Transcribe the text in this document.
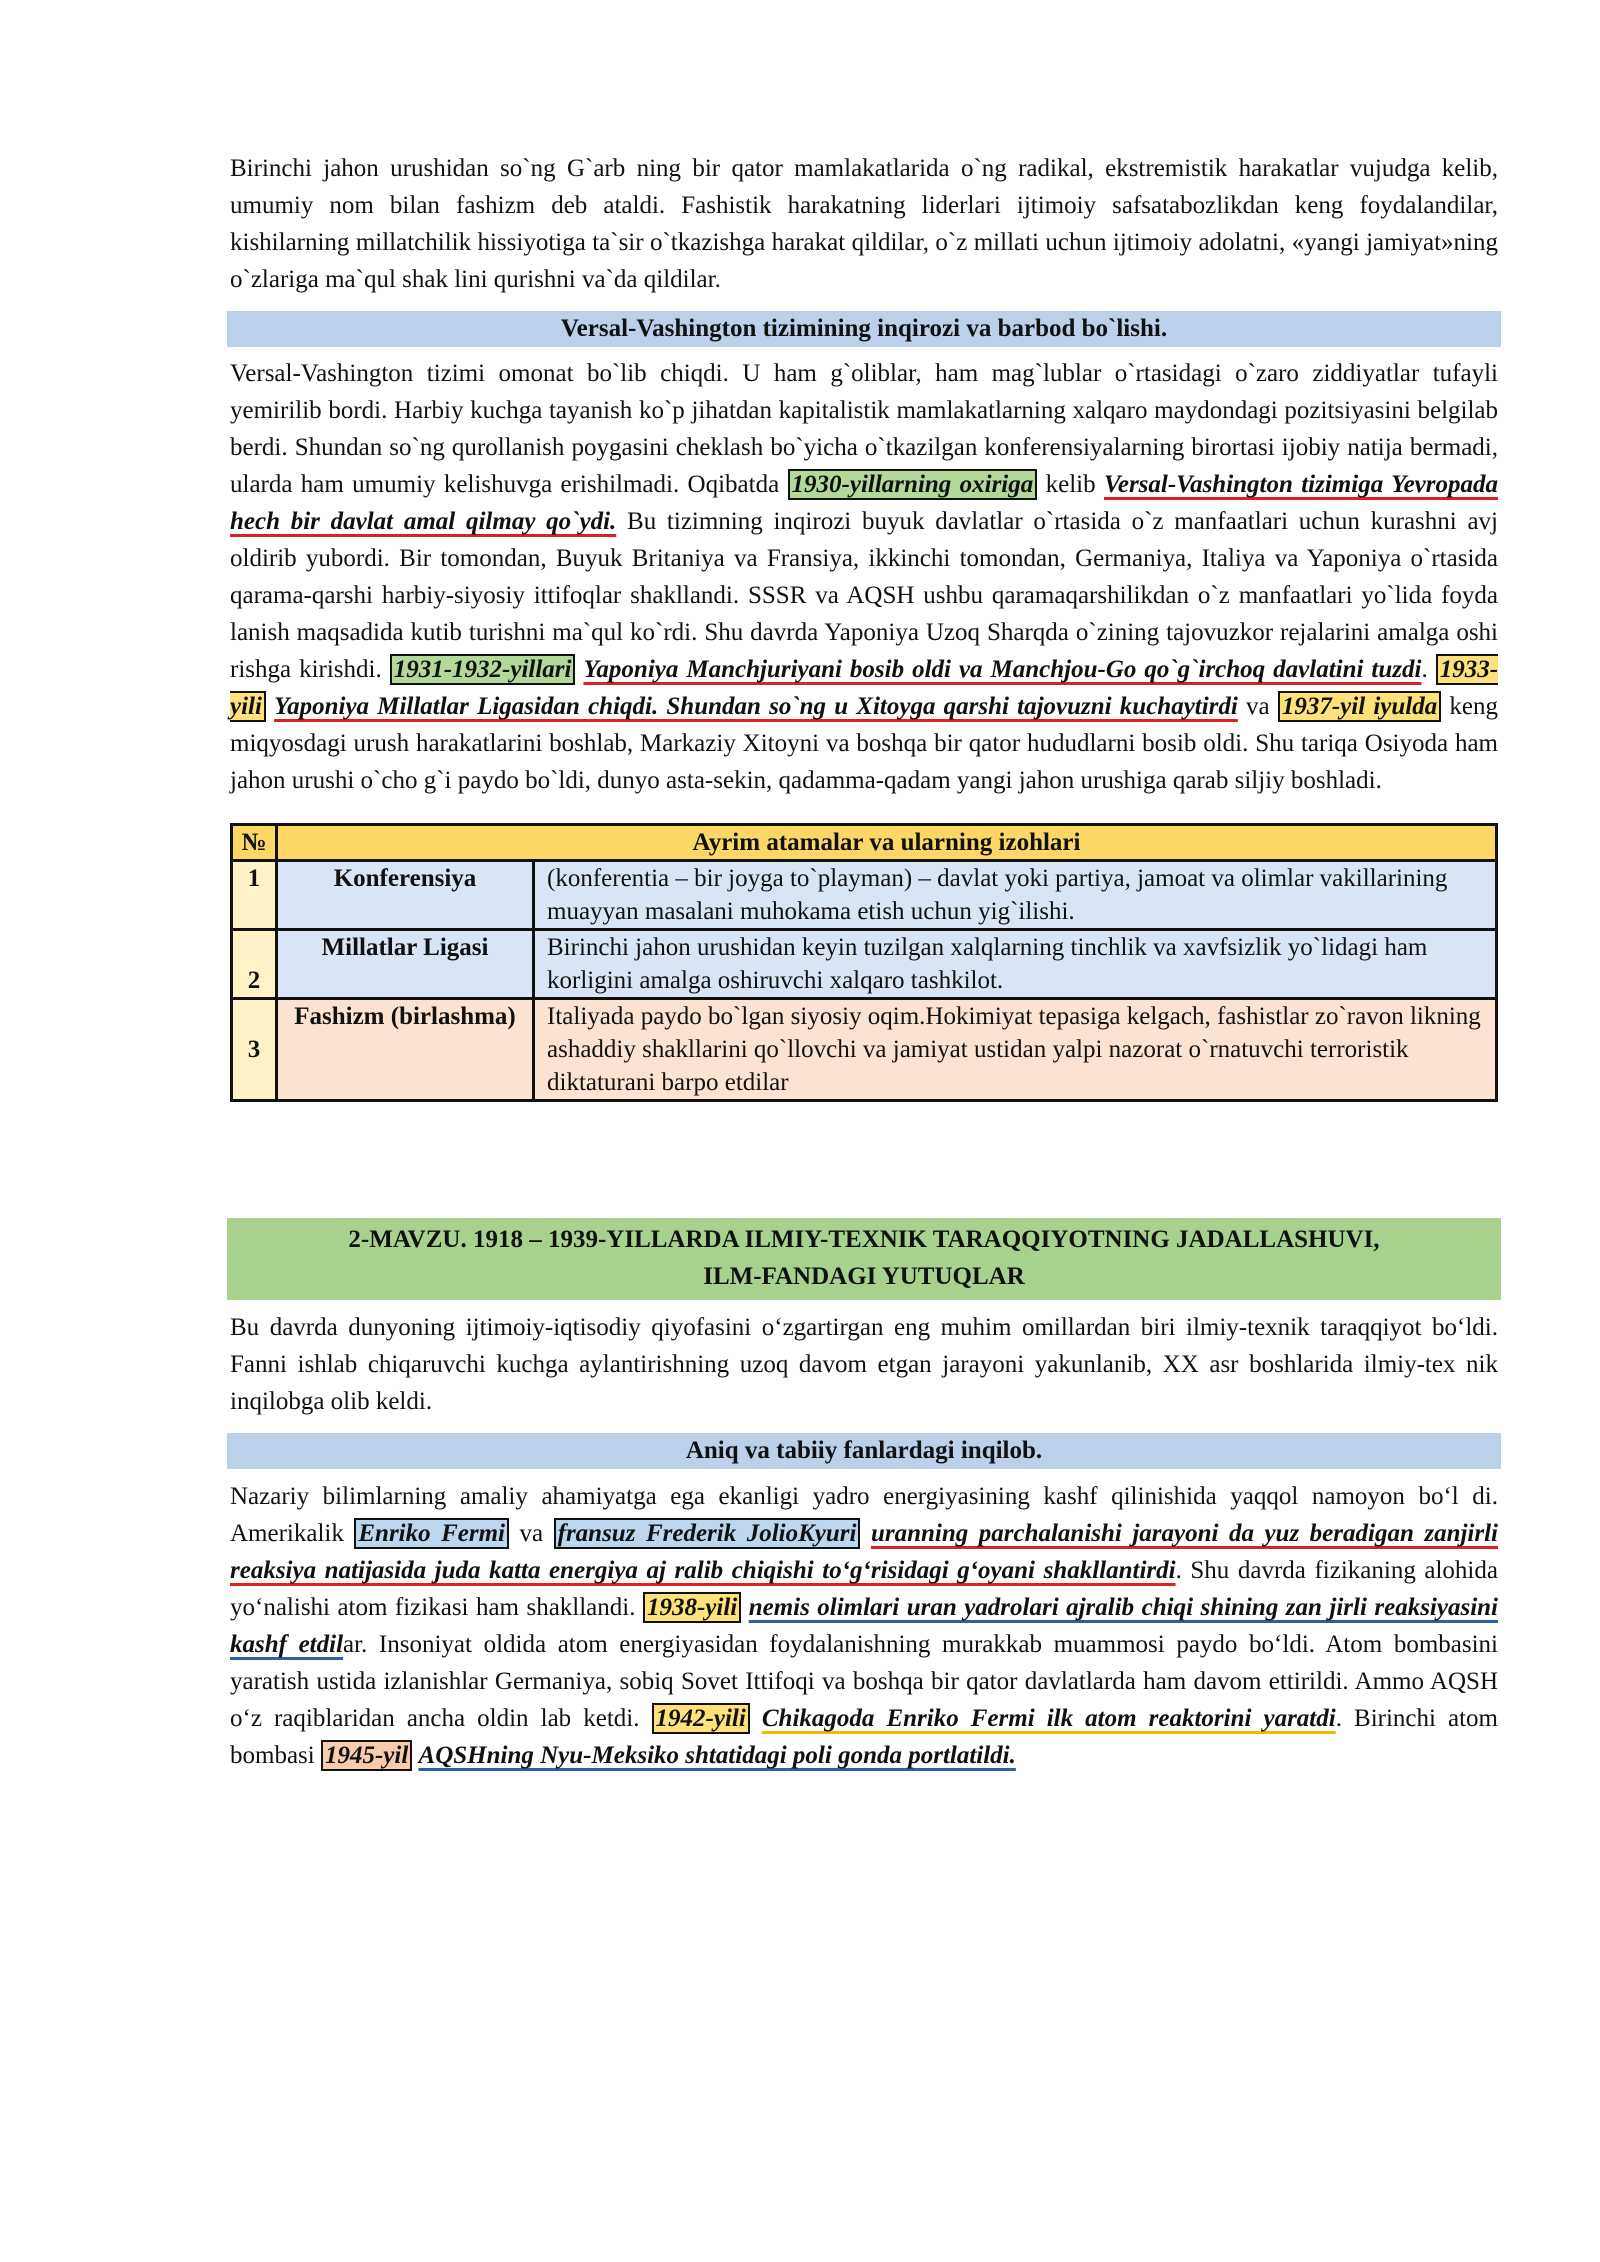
Birinchi jahon urushidan so`ng G`arb ning bir qator mamlakatlarida o`ng radikal, ekstremistik harakatlar vujudga kelib, umumiy nom bilan fashizm deb ataldi. Fashistik harakatning liderlari ijtimoiy safsatabozlikdan keng foydalandilar, kishilarning millatchilik hissiyotiga ta`sir o`tkazishga harakat qildilar, o`z millati uchun ijtimoiy adolatni, «yangi jamiyat»ning o`zlariga ma`qul shak lini qurishni va`da qildilar.

Versal-Vashington tizimining inqirozi va barbod bo`lishi.

Versal-Vashington tizimi omonat bo`lib chiqdi. U ham g`oliblar, ham mag`lublar o`rtasidagi o`zaro ziddiyatlar tufayli yemirilib bordi. Harbiy kuchga tayanish ko`p jihatdan kapitalistik mamlakatlarning xalqaro maydondagi pozitsiyasini belgilab berdi. Shundan so`ng qurollanish poygasini cheklash bo`yicha o`tkazilgan konferensiyalarning birortasi ijobiy natija bermadi, ularda ham umumiy kelishuvga erishilmadi. Oqibatda 1930-yillarning oxiriga kelib Versal-Vashington tizimiga Yevropada hech bir davlat amal qilmay qo`ydi. Bu tizimning inqirozi buyuk davlatlar o`rtasida o`z manfaatlari uchun kurashni avj oldirib yubordi. Bir tomondan, Buyuk Britaniya va Fransiya, ikkinchi tomondan, Germaniya, Italiya va Yaponiya o`rtasida qarama-qarshi harbiy-siyosiy ittifoqlar shakllandi. SSSR va AQSH ushbu qaramaqarshilikdan o`z manfaatlari yo`lida foyda lanish maqsadida kutib turishni ma`qul ko`rdi. Shu davrda Yaponiya Uzoq Sharqda o`zining tajovuzkor rejalarini amalga oshi rishga kirishdi. 1931-1932-yillari Yaponiya Manchjuriyani bosib oldi va Manchjou-Go qo`g`irchoq davlatini tuzdi. 1933-yili Yaponiya Millatlar Ligasidan chiqdi. Shundan so`ng u Xitoyga qarshi tajovuzni kuchaytirdi va 1937-yil iyulda keng miqyosdagi urush harakatlarini boshlab, Markaziy Xitoyni va boshqa bir qator hududlarni bosib oldi. Shu tariqa Osiyoda ham jahon urushi o`cho g`i paydo bo`ldi, dunyo asta-sekin, qadamma-qadam yangi jahon urushiga qarab siljiy boshladi.

№	Ayrim atamalar va ularning izohlari	
1	Konferensiya	(konferentia – bir joyga to`playman) – davlat yoki partiya, jamoat va olimlar vakillarining muayyan masalani muhokama etish uchun yig`ilishi.
2	Millatlar Ligasi	Birinchi jahon urushidan keyin tuzilgan xalqlarning tinchlik va xavfsizlik yo`lidagi ham korligini amalga oshiruvchi xalqaro tashkilot.
3	Fashizm (birlashma)	Italiyada paydo bo`lgan siyosiy oqim.Hokimiyat tepasiga kelgach, fashistlar zo`ravon likning ashaddiy shakllarini qo`llovchi va jamiyat ustidan yalpi nazorat o`rnatuvchi terroristik diktaturani barpo etdilar
2-MAVZU. 1918 – 1939-YILLARDA ILMIY-TEXNIK TARAQQIYOTNING JADALLASHUVI,
ILM-FANDAGI YUTUQLAR

Bu davrda dunyoning ijtimoiy-iqtisodiy qiyofasini oʻzgartirgan eng muhim omillardan biri ilmiy-texnik taraqqiyot boʻldi. Fanni ishlab chiqaruvchi kuchga aylantirishning uzoq davom etgan jarayoni yakunlanib, XX asr boshlarida ilmiy-tex nik inqilobga olib keldi.

Aniq va tabiiy fanlardagi inqilob.

Nazariy bilimlarning amaliy ahamiyatga ega ekanligi yadro energiyasining kashf qilinishida yaqqol namoyon boʻl di. Amerikalik Enriko Fermi va fransuz Frederik JolioKyuri uranning parchalanishi jarayoni da yuz beradigan zanjirli reaksiya natijasida juda katta energiya aj ralib chiqishi toʻgʻrisidagi gʻoyani shakllantirdi. Shu davrda fizikaning alohida yoʻnalishi atom fizikasi ham shakllandi. 1938-yili nemis olimlari uran yadrolari ajralib chiqi shining zan jirli reaksiyasini kashf etdilar. Insoniyat oldida atom energiyasidan foydalanishning murakkab muammosi paydo boʻldi. Atom bombasini yaratish ustida izlanishlar Germaniya, sobiq Sovet Ittifoqi va boshqa bir qator davlatlarda ham davom ettirildi. Ammo AQSH oʻz raqiblaridan ancha oldin lab ketdi. 1942-yili Chikagoda Enriko Fermi ilk atom reaktorini yaratdi. Birinchi atom bombasi 1945-yil AQSHning Nyu-Meksiko shtatidagi poli gonda portlatildi.
